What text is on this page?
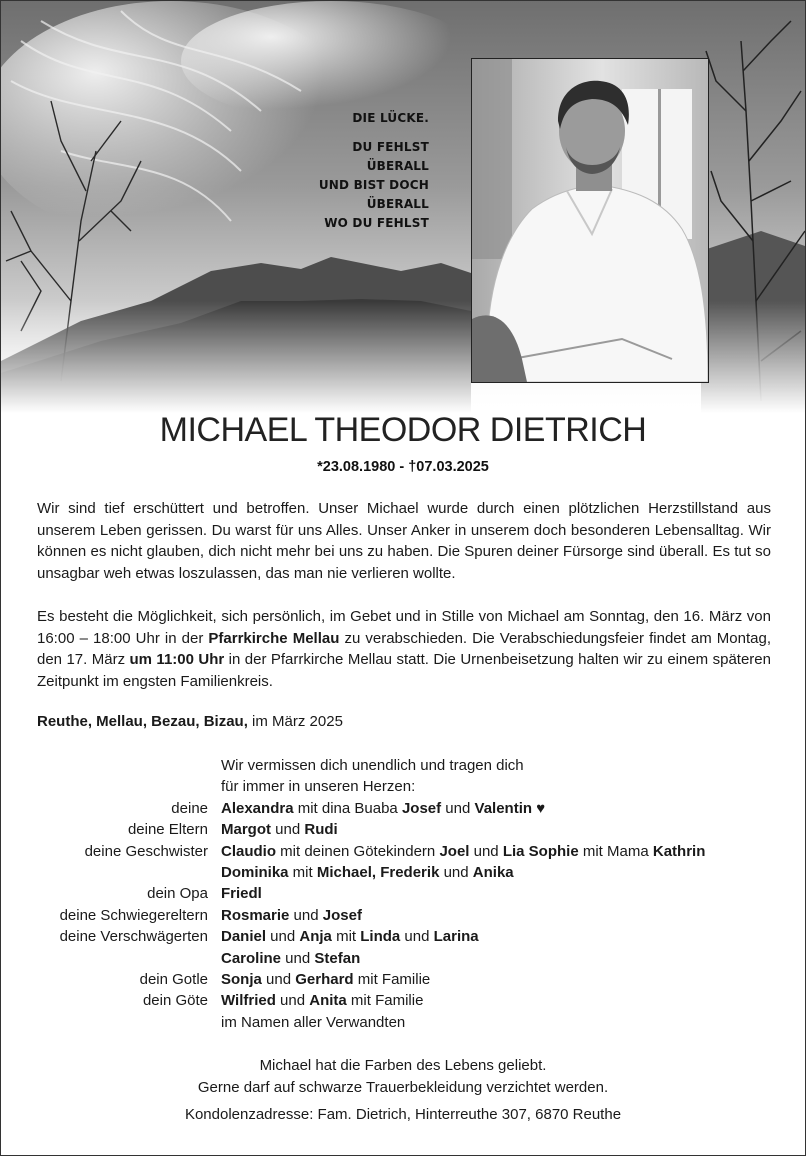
DIE LÜCKE.
DU FEHLST
ÜBERALL
UND BIST DOCH
ÜBERALL
WO DU FEHLST
MICHAEL THEODOR DIETRICH
*23.08.1980 - †07.03.2025
Wir sind tief erschüttert und betroffen. Unser Michael wurde durch einen plötzlichen Herzstillstand aus unserem Leben gerissen. Du warst für uns Alles. Unser Anker in unserem doch besonderen Lebensalltag. Wir können es nicht glauben, dich nicht mehr bei uns zu haben. Die Spuren deiner Fürsorge sind überall. Es tut so unsagbar weh etwas loszulassen, das man nie verlieren wollte.
Es besteht die Möglichkeit, sich persönlich, im Gebet und in Stille von Michael am Sonntag, den 16. März von 16:00 – 18:00 Uhr in der Pfarrkirche Mellau zu verabschieden. Die Verabschiedungsfeier findet am Montag, den 17. März um 11:00 Uhr in der Pfarrkirche Mellau statt. Die Urnenbeisetzung halten wir zu einem späteren Zeitpunkt im engsten Familienkreis.
Reuthe, Mellau, Bezau, Bizau, im März 2025
Wir vermissen dich unendlich und tragen dich
für immer in unseren Herzen:
deine Alexandra mit dina Buaba Josef und Valentin ♥
deine Eltern Margot und Rudi
deine Geschwister Claudio mit deinen Götekindern Joel und Lia Sophie mit Mama Kathrin
Dominika mit Michael, Frederik und Anika
dein Opa Friedl
deine Schwiegereltern Rosmarie und Josef
deine Verschwägerten Daniel und Anja mit Linda und Larina
Caroline und Stefan
dein Gotle Sonja und Gerhard mit Familie
dein Göte Wilfried und Anita mit Familie
im Namen aller Verwandten
Michael hat die Farben des Lebens geliebt.
Gerne darf auf schwarze Trauerbekleidung verzichtet werden.
Kondolenzadresse: Fam. Dietrich, Hinterreuthe 307, 6870 Reuthe
